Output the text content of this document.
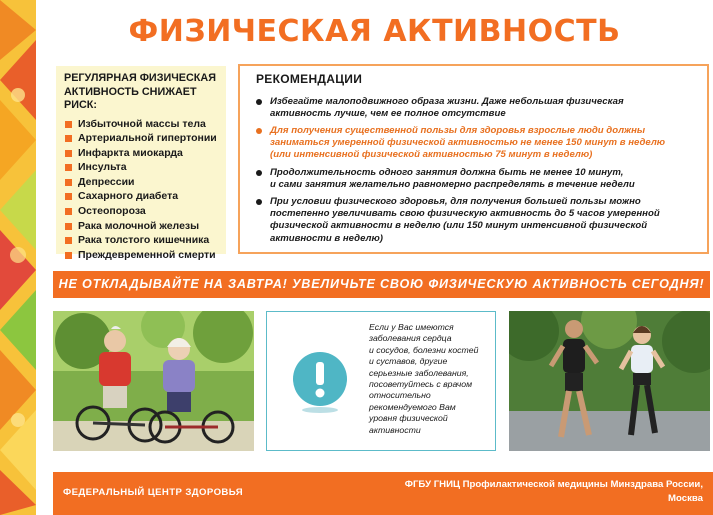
ФИЗИЧЕСКАЯ АКТИВНОСТЬ
РЕГУЛЯРНАЯ ФИЗИЧЕСКАЯ
АКТИВНОСТЬ СНИЖАЕТ РИСК:
Избыточной массы тела
Артериальной гипертонии
Инфаркта миокарда
Инсульта
Депрессии
Сахарного диабета
Остеопороза
Рака молочной железы
Рака толстого кишечника
Преждевременной смерти
РЕКОМЕНДАЦИИ
Избегайте малоподвижного образа жизни. Даже небольшая физическая
активность лучше, чем ее полное отсутствие
Для получения существенной пользы для здоровья взрослые люди должны
заниматься умеренной физической активностью не менее 150 минут в неделю
(или интенсивной физической активностью 75 минут в неделю)
Продолжительность одного занятия должна быть не менее 10 минут,
и сами занятия желательно равномерно распределять в течение недели
При условии физического здоровья, для получения большей пользы можно
постепенно увеличивать свою физическую активность до 5 часов умеренной
физической активности в неделю (или 150 минут интенсивной физической
активности в неделю)
НЕ ОТКЛАДЫВАЙТЕ НА ЗАВТРА! УВЕЛИЧЬТЕ СВОЮ ФИЗИЧЕСКУЮ АКТИВНОСТЬ СЕГОДНЯ!
Если у Вас имеются
заболевания сердца
и сосудов, болезни костей
и суставов, другие
серьезные заболевания,
посоветуйтесь с врачом
относительно
рекомендуемого Вам
уровня физической
активности
ФЕДЕРАЛЬНЫЙ ЦЕНТР ЗДОРОВЬЯ
ФГБУ ГНИЦ Профилактической медицины Минздрава России,
Москва
